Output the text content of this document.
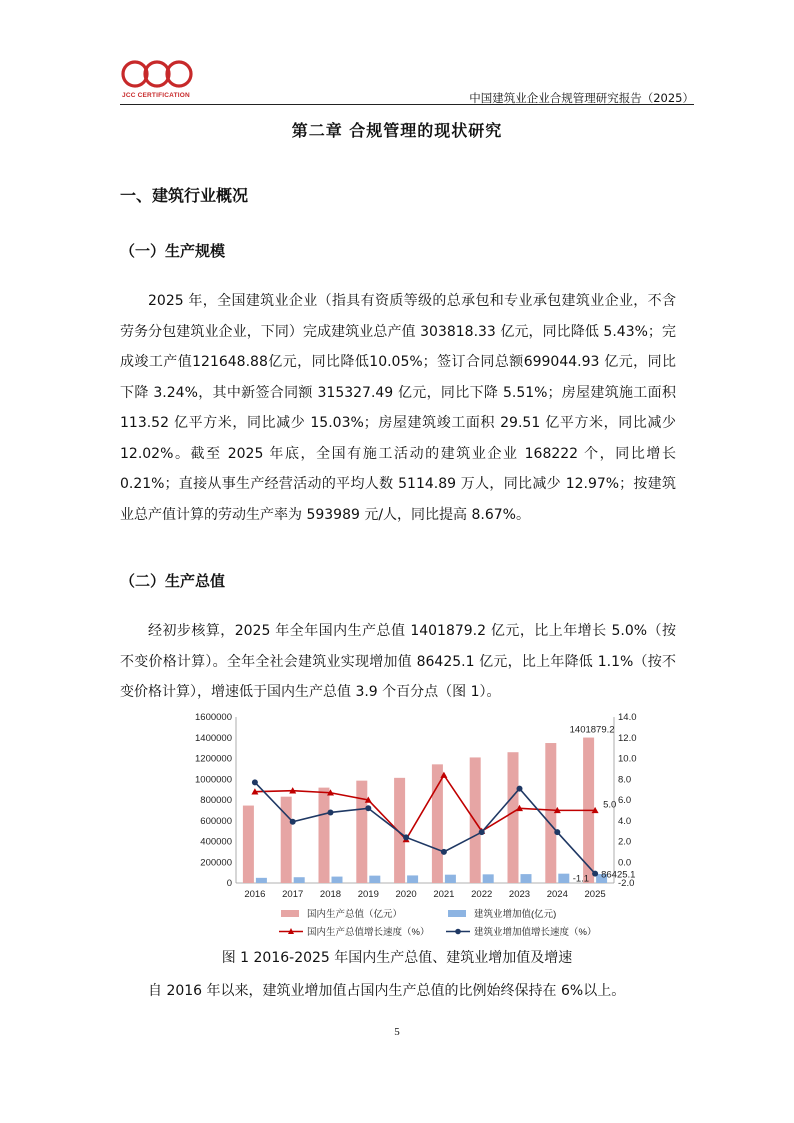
JCC CERTIFICATION	中国建筑业企业合规管理研究报告（2025）
第二章 合规管理的现状研究
一、建筑行业概况
（一）生产规模

2025 年，全国建筑业企业（指具有资质等级的总承包和专业承包建筑业企业，不含劳务分包建筑业企业，下同）完成建筑业总产值 303818.33 亿元，同比降低 5.43%；完成竣工产值121648.88亿元，同比降低10.05%；签订合同总额699044.93 亿元，同比下降 3.24%，其中新签合同额 315327.49 亿元，同比下降 5.51%；房屋建筑施工面积 113.52 亿平方米，同比减少 15.03%；房屋建筑竣工面积 29.51 亿平方米，同比减少 12.02%。截至 2025 年底，全国有施工活动的建筑业企业 168222 个，同比增长 0.21%；直接从事生产经营活动的平均人数 5114.89 万人，同比减少 12.97%；按建筑业总产值计算的劳动生产率为 593989 元/人，同比提高 8.67%。

（二）生产总值

经初步核算，2025 年全年国内生产总值 1401879.2 亿元，比上年增长 5.0%（按不变价格计算）。全年全社会建筑业实现增加值 86425.1 亿元，比上年降低 1.1%（按不变价格计算），增速低于国内生产总值 3.9 个百分点（图 1）。

0
200000
400000
600000
800000
1000000
1200000
1400000
1600000
-2.0
0.0
2.0
4.0
6.0
8.0
10.0
12.0
14.0
2016 2017 2018 2019 2020 2021 2022 2023 2024 2025
1401879.2
5.0
-1.1 86425.1
国内生产总值（亿元）	建筑业增加值(亿元)
国内生产总值增长速度（%）	建筑业增加值增长速度（%）
图 1 2016-2025 年国内生产总值、建筑业增加值及增速

自 2016 年以来，建筑业增加值占国内生产总值的比例始终保持在 6%以上。

5
